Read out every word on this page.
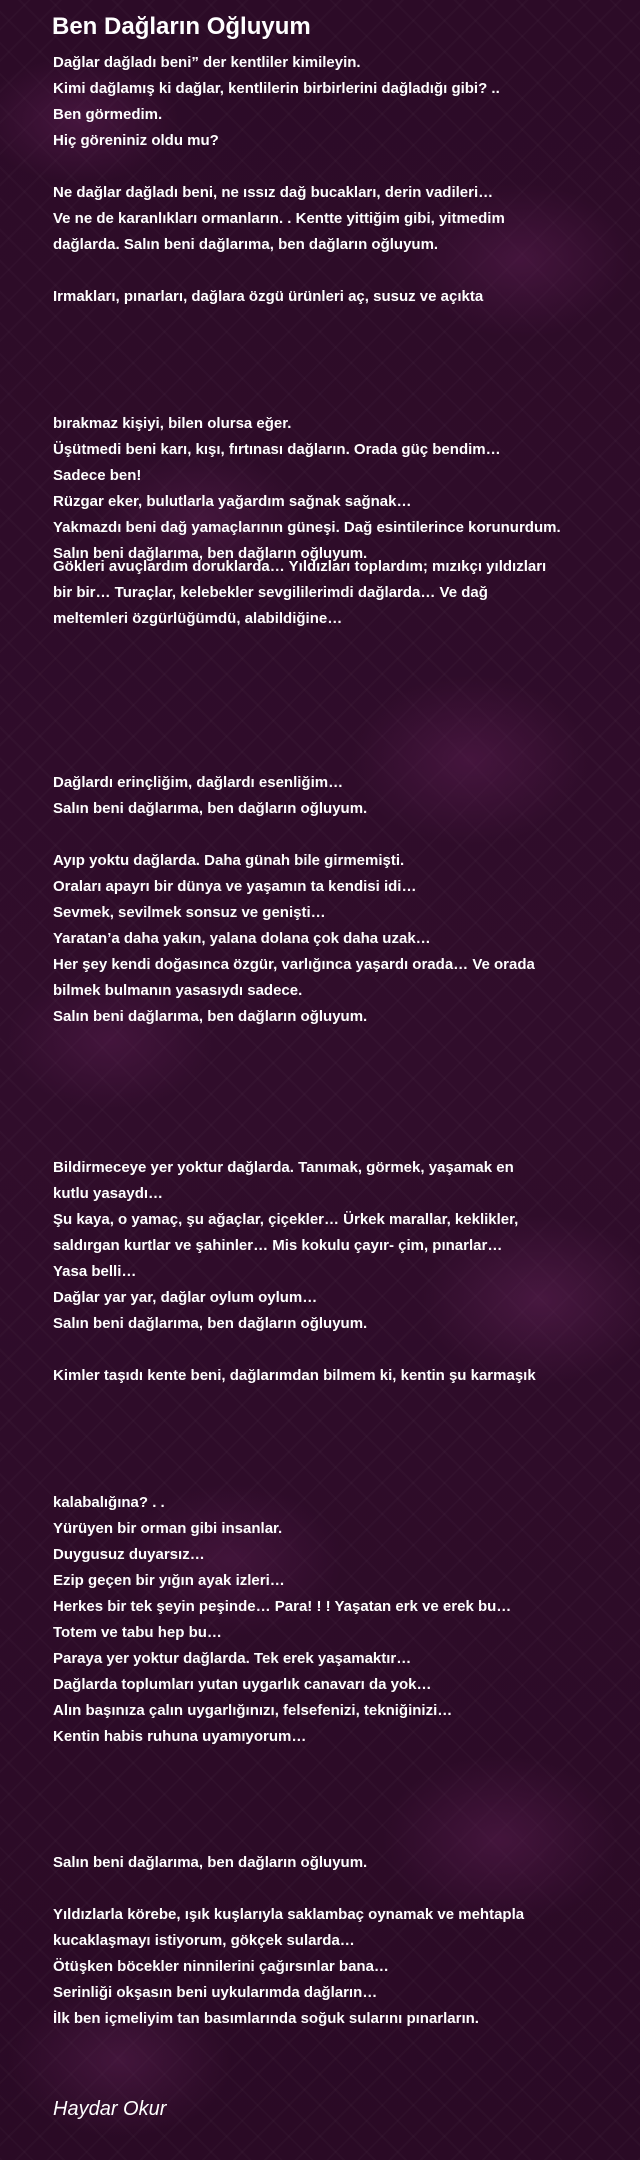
Ben Dağların Oğluyum

Dağlar dağladı beni” der kentliler kimileyin.
Kimi dağlamış ki dağlar, kentlilerin birbirlerini dağladığı gibi? ..
Ben görmedim.
Hiç göreniniz oldu mu?

Ne dağlar dağladı beni, ne ıssız dağ bucakları, derin vadileri…
Ve ne de karanlıkları ormanların. . Kentte yittiğim gibi, yitmedim
dağlarda. Salın beni dağlarıma, ben dağların oğluyum.

Irmakları, pınarları, dağlara özgü ürünleri aç, susuz ve açıkta

bırakmaz kişiyi, bilen olursa eğer.
Üşütmedi beni karı, kışı, fırtınası dağların. Orada güç bendim…
Sadece ben!
Rüzgar eker, bulutlarla yağardım sağnak sağnak…
Yakmazdı beni dağ yamaçlarının güneşi. Dağ esintilerince korunurdum.
Salın beni dağlarıma, ben dağların oğluyum.

Gökleri avuçlardım doruklarda… Yıldızları toplardım; mızıkçı yıldızları
bir bir… Turaçlar, kelebekler sevgililerimdi dağlarda… Ve dağ
meltemleri özgürlüğümdü, alabildiğine…

Dağlardı erinçliğim, dağlardı esenliğim…
Salın beni dağlarıma, ben dağların oğluyum.

Ayıp yoktu dağlarda. Daha günah bile girmemişti.
Oraları apayrı bir dünya ve yaşamın ta kendisi idi…
Sevmek, sevilmek sonsuz ve genişti…
Yaratan’a daha yakın, yalana dolana çok daha uzak…
Her şey kendi doğasınca özgür, varlığınca yaşardı orada… Ve orada
bilmek bulmanın yasasıydı sadece.
Salın beni dağlarıma, ben dağların oğluyum.

Bildirmeceye yer yoktur dağlarda. Tanımak, görmek, yaşamak en
kutlu yasaydı…
Şu kaya, o yamaç, şu ağaçlar, çiçekler… Ürkek marallar, keklikler,
saldırgan kurtlar ve şahinler… Mis kokulu çayır- çim, pınarlar…
Yasa belli…
Dağlar yar yar, dağlar oylum oylum…
Salın beni dağlarıma, ben dağların oğluyum.

Kimler taşıdı kente beni, dağlarımdan bilmem ki, kentin şu karmaşık

kalabalığına? . .
Yürüyen bir orman gibi insanlar.
Duygusuz duyarsız…
Ezip geçen bir yığın ayak izleri…
Herkes bir tek şeyin peşinde… Para! ! ! Yaşatan erk ve erek bu…
Totem ve tabu hep bu…
Paraya yer yoktur dağlarda. Tek erek yaşamaktır…
Dağlarda toplumları yutan uygarlık canavarı da yok…
Alın başınıza çalın uygarlığınızı, felsefenizi, tekniğinizi…
Kentin habis ruhuna uyamıyorum…

Salın beni dağlarıma, ben dağların oğluyum.

Yıldızlarla körebe, ışık kuşlarıyla saklambaç oynamak ve mehtapla
kucaklaşmayı istiyorum, gökçek sularda…
Ötüşken böcekler ninnilerini çağırsınlar bana…
Serinliği okşasın beni uykularımda dağların…
İlk ben içmeliyim tan basımlarında soğuk sularını pınarların.

Haydar Okur
